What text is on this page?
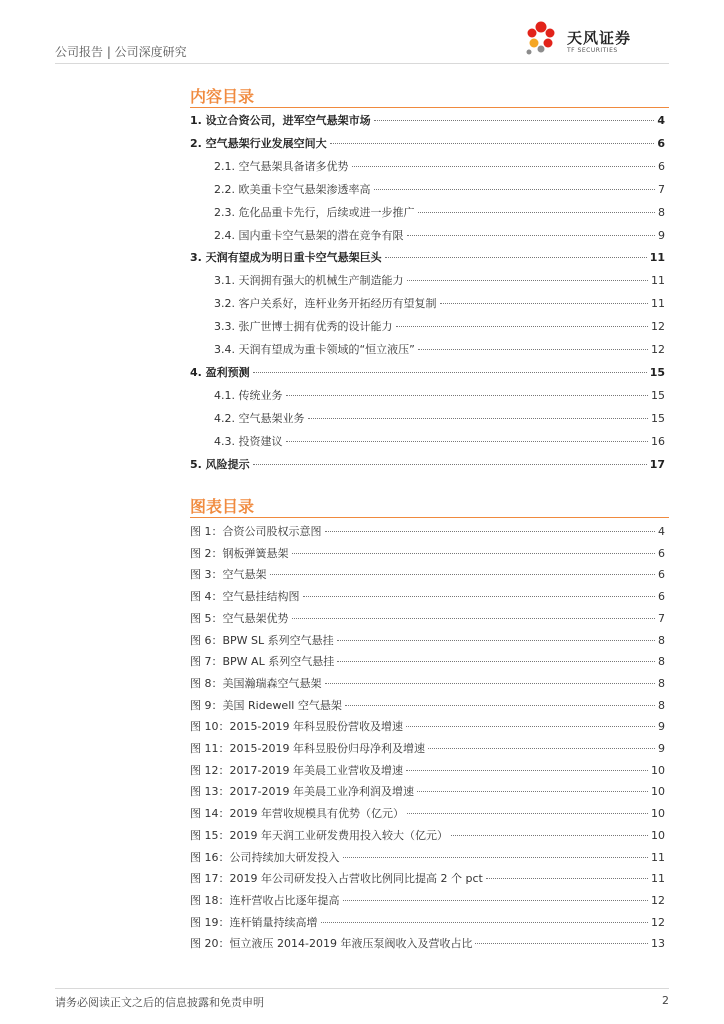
公司报告 | 公司深度研究
天风证券
TF SECURITIES
内容目录
1. 设立合资公司，进军空气悬架市场	4
2. 空气悬架行业发展空间大	6
2.1. 空气悬架具备诸多优势	6
2.2. 欧美重卡空气悬架渗透率高	7
2.3. 危化品重卡先行，后续或进一步推广	8
2.4. 国内重卡空气悬架的潜在竞争有限	9
3. 天润有望成为明日重卡空气悬架巨头	11
3.1. 天润拥有强大的机械生产制造能力	11
3.2. 客户关系好，连杆业务开拓经历有望复制	11
3.3. 张广世博士拥有优秀的设计能力	12
3.4. 天润有望成为重卡领域的“恒立液压”	12
4. 盈利预测	15
4.1. 传统业务	15
4.2. 空气悬架业务	15
4.3. 投资建议	16
5. 风险提示	17
图表目录
图 1：合资公司股权示意图	4
图 2：钢板弹簧悬架	6
图 3：空气悬架	6
图 4：空气悬挂结构图	6
图 5：空气悬架优势	7
图 6：BPW SL 系列空气悬挂	8
图 7：BPW AL 系列空气悬挂	8
图 8：美国瀚瑞森空气悬架	8
图 9：美国 Ridewell 空气悬架	8
图 10：2015-2019 年科昱股份营收及增速	9
图 11：2015-2019 年科昱股份归母净利及增速	9
图 12：2017-2019 年美晨工业营收及增速	10
图 13：2017-2019 年美晨工业净利润及增速	10
图 14：2019 年营收规模具有优势（亿元）	10
图 15：2019 年天润工业研发费用投入较大（亿元）	10
图 16：公司持续加大研发投入	11
图 17：2019 年公司研发投入占营收比例同比提高 2 个 pct	11
图 18：连杆营收占比逐年提高	12
图 19：连杆销量持续高增	12
图 20：恒立液压 2014-2019 年液压泵阀收入及营收占比	13
请务必阅读正文之后的信息披露和免责申明	2
